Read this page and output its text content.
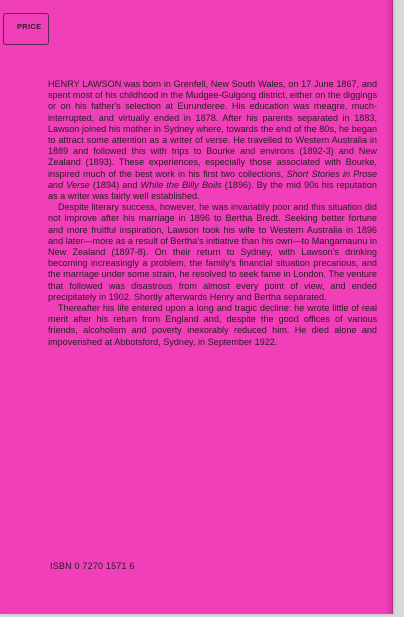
PRICE

HENRY LAWSON was born in Grenfell, New South Wales, on 17 June 1867, and spent most of his childhood in the Mudgee-Gulgong district, either on the diggings or on his father's selection at Eurunderee. His education was meagre, much-interrupted, and virtually ended in 1878. After his parents separated in 1883, Lawson joined his mother in Sydney where, towards the end of the 80s, he began to attract some attention as a writer of verse. He travelled to Western Australia in 1889 and followed this with trips to Bourke and environs (1892-3) and New Zealand (1893). These experiences, especially those associated with Bourke, inspired much of the best work in his first two collections, Short Stories in Prose and Verse (1894) and While the Billy Boils (1896). By the mid 90s his reputation as a writer was fairly well established.

Despite literary success, however, he was invariably poor and this situation did not improve after his marriage in 1896 to Bertha Bredt. Seeking better fortune and more fruitful inspiration, Lawson took his wife to Western Australia in 1896 and later—more as a result of Bertha's initiative than his own—to Mangamaunu in New Zealand (1897-8). On their return to Sydney, with Lawson's drinking becoming increasingly a problem, the family's financial situation precarious, and the marriage under some strain, he resolved to seek fame in London. The venture that followed was disastrous from almost every point of view, and ended precipitately in 1902. Shortly afterwards Henry and Bertha separated.

Thereafter his life entered upon a long and tragic decline: he wrote little of real merit after his return from England and, despite the good offices of various friends, alcoholism and poverty inexorably reduced him. He died alone and impoverished at Abbotsford, Sydney, in September 1922.

ISBN 0 7270 1571 6
